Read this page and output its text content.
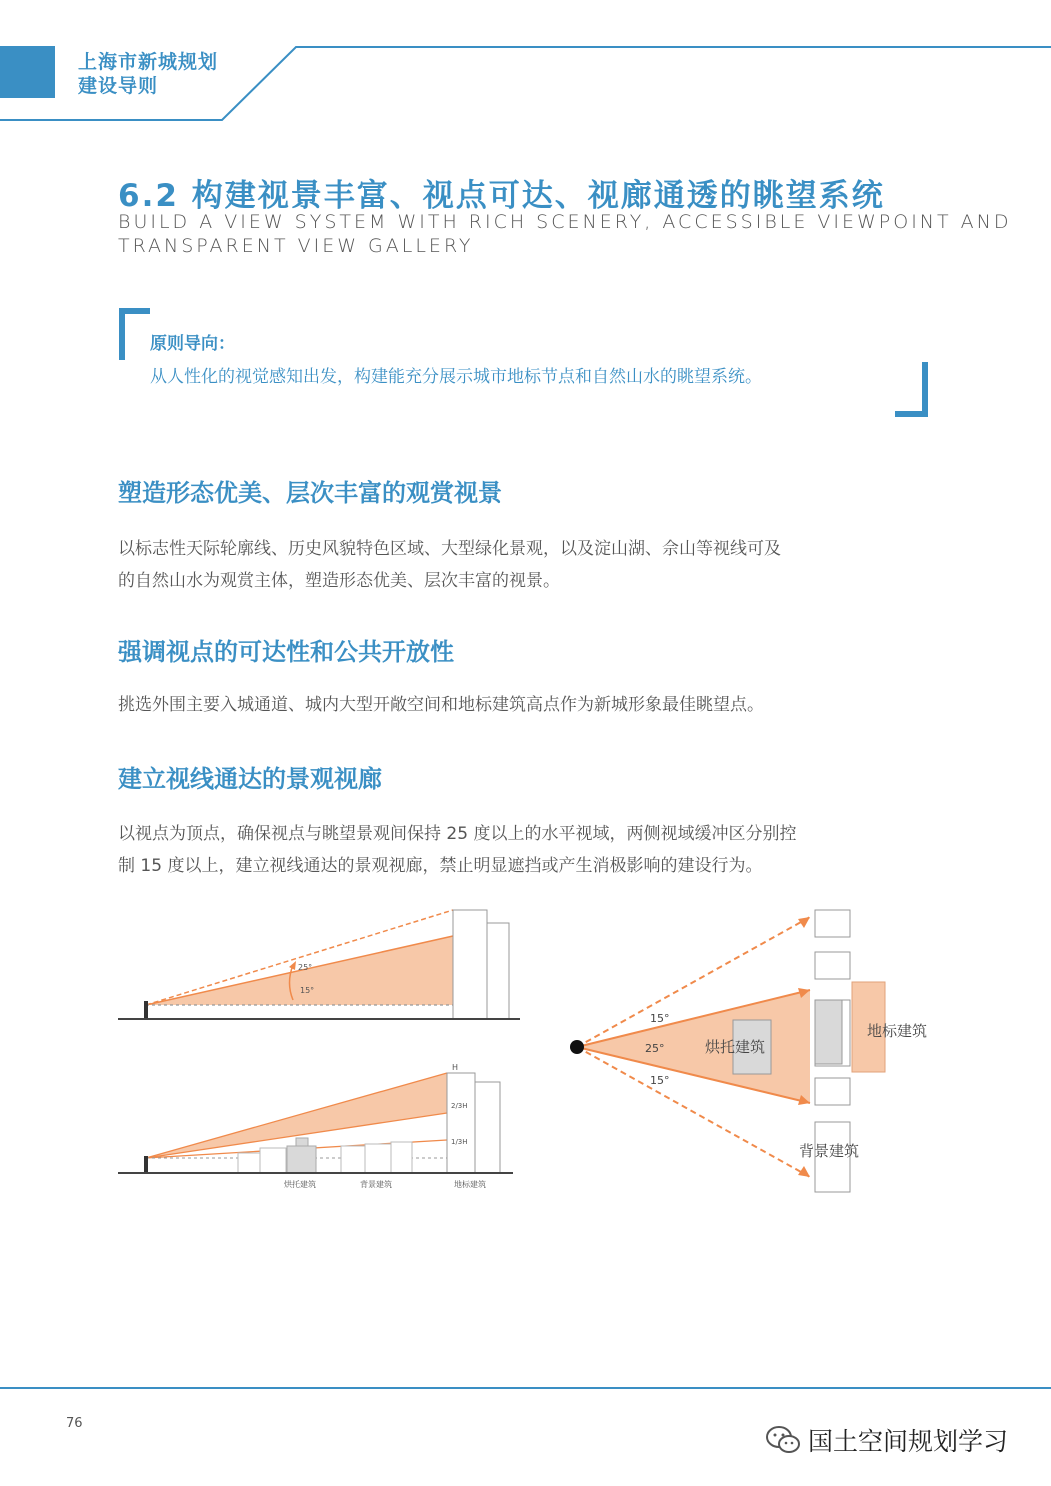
上海市新城规划
建设导则
6.2 构建视景丰富、视点可达、视廊通透的眺望系统
BUILD A VIEW SYSTEM WITH RICH SCENERY, ACCESSIBLE VIEWPOINT AND
TRANSPARENT VIEW GALLERY
原则导向：
从人性化的视觉感知出发，构建能充分展示城市地标节点和自然山水的眺望系统。
塑造形态优美、层次丰富的观赏视景
以标志性天际轮廓线、历史风貌特色区域、大型绿化景观，以及淀山湖、佘山等视线可及
的自然山水为观赏主体，塑造形态优美、层次丰富的视景。
强调视点的可达性和公共开放性
挑选外围主要入城通道、城内大型开敞空间和地标建筑高点作为新城形象最佳眺望点。
建立视线通达的景观视廊
以视点为顶点，确保视点与眺望景观间保持 25 度以上的水平视域，两侧视域缓冲区分别控
制 15 度以上，建立视线通达的景观视廊，禁止明显遮挡或产生消极影响的建设行为。
25°
15°
H
2/3H
1/3H
烘托建筑	背景建筑	地标建筑
烘托建筑
15°
25°
15°
地标建筑
背景建筑
76
国土空间规划学习
